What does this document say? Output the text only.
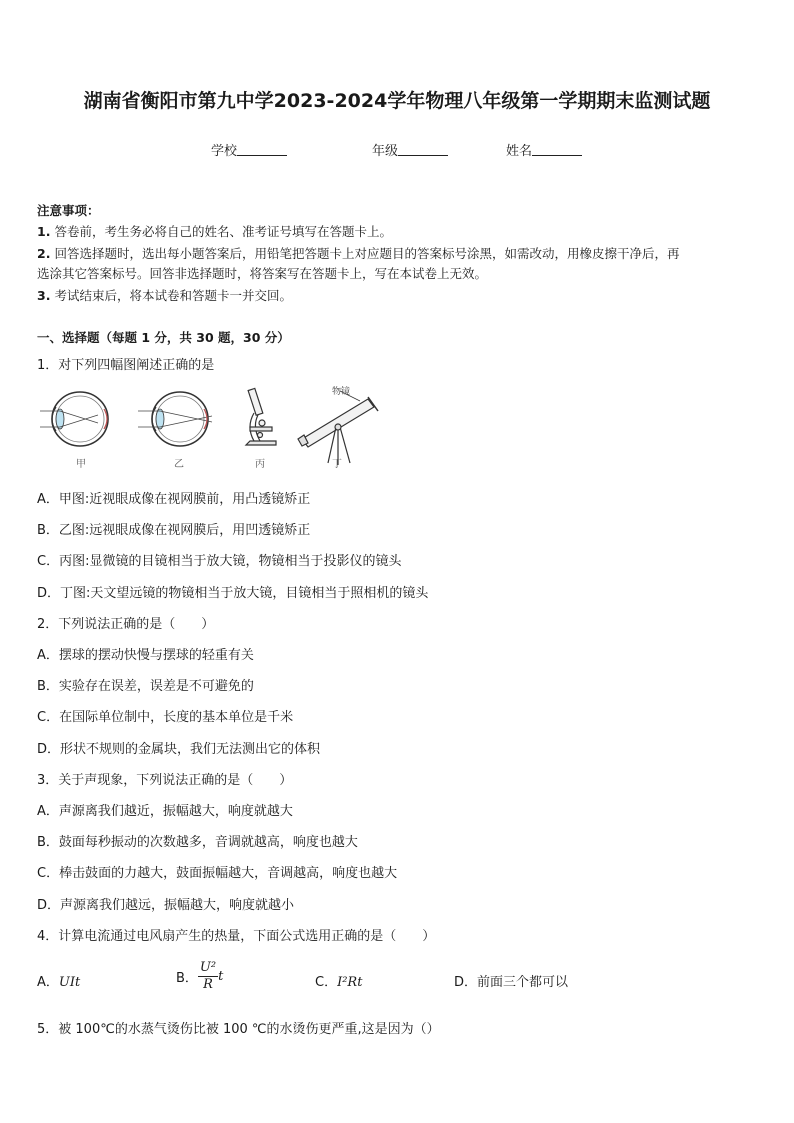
湖南省衡阳市第九中学2023-2024学年物理八年级第一学期期末监测试题
学校	年级	姓名
注意事项：
1. 答卷前，考生务必将自己的姓名、准考证号填写在答题卡上。
2. 回答选择题时，选出每小题答案后，用铅笔把答题卡上对应题目的答案标号涂黑，如需改动，用橡皮擦干净后，再
选涂其它答案标号。回答非选择题时，将答案写在答题卡上，写在本试卷上无效。
3. 考试结束后，将本试卷和答题卡一并交回。
一、选择题（每题 1 分，共 30 题，30 分）
1．对下列四幅图阐述正确的是
物镜
甲	乙	丙	丁
A．甲图:近视眼成像在视网膜前，用凸透镜矫正
B．乙图:远视眼成像在视网膜后，用凹透镜矫正
C．丙图:显微镜的目镜相当于放大镜，物镜相当于投影仪的镜头
D．丁图:天文望远镜的物镜相当于放大镜，目镜相当于照相机的镜头
2．下列说法正确的是（　　）
A．摆球的摆动快慢与摆球的轻重有关
B．实验存在误差，误差是不可避免的
C．在国际单位制中，长度的基本单位是千米
D．形状不规则的金属块，我们无法测出它的体积
3．关于声现象，下列说法正确的是（　　）
A．声源离我们越近，振幅越大，响度就越大
B．鼓面每秒振动的次数越多，音调就越高，响度也越大
C．棒击鼓面的力越大，鼓面振幅越大，音调越高，响度也越大
D．声源离我们越远，振幅越大，响度就越小
4．计算电流通过电风扇产生的热量，下面公式选用正确的是（　　）
A．UIt	B． $\frac{\text{U²}}{R}$ t	C．I²Rt	D．前面三个都可以
5．被 100℃的水蒸气烫伤比被 100 ℃的水烫伤更严重,这是因为（）
